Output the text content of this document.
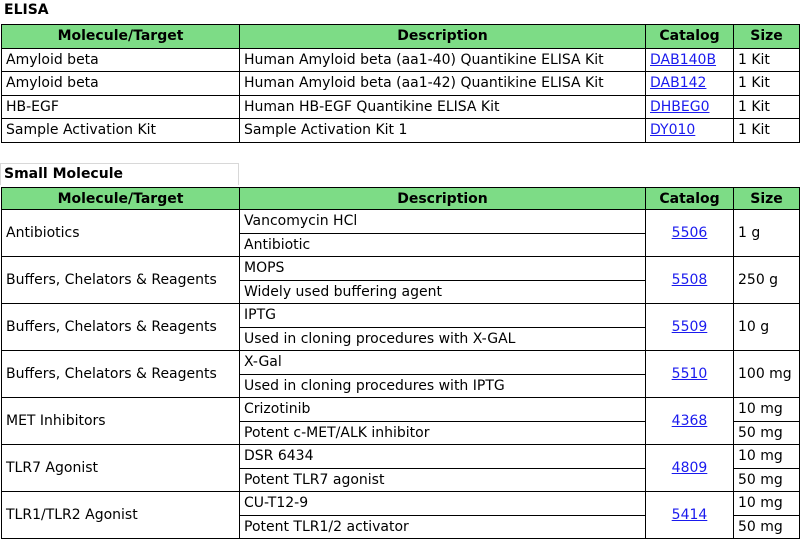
ELISA
Molecule/Target	Description	Catalog	Size
Amyloid beta	Human Amyloid beta (aa1-40) Quantikine ELISA Kit	DAB140B	1 Kit
Amyloid beta	Human Amyloid beta (aa1-42) Quantikine ELISA Kit	DAB142	1 Kit
HB-EGF	Human HB-EGF Quantikine ELISA Kit	DHBEG0	1 Kit
Sample Activation Kit	Sample Activation Kit 1	DY010	1 Kit
Small Molecule
Molecule/Target	Description	Catalog	Size
Antibiotics	Vancomycin HCl	5506	1 g
	Antibiotic		
Buffers, Chelators & Reagents	MOPS	5508	250 g
	Widely used buffering agent		
Buffers, Chelators & Reagents	IPTG	5509	10 g
	Used in cloning procedures with X-GAL		
Buffers, Chelators & Reagents	X-Gal	5510	100 mg
	Used in cloning procedures with IPTG		
MET Inhibitors	Crizotinib	4368	10 mg
	Potent c-MET/ALK inhibitor		50 mg
TLR7 Agonist	DSR 6434	4809	10 mg
	Potent TLR7 agonist		50 mg
TLR1/TLR2 Agonist	CU-T12-9	5414	10 mg
	Potent TLR1/2 activator		50 mg
